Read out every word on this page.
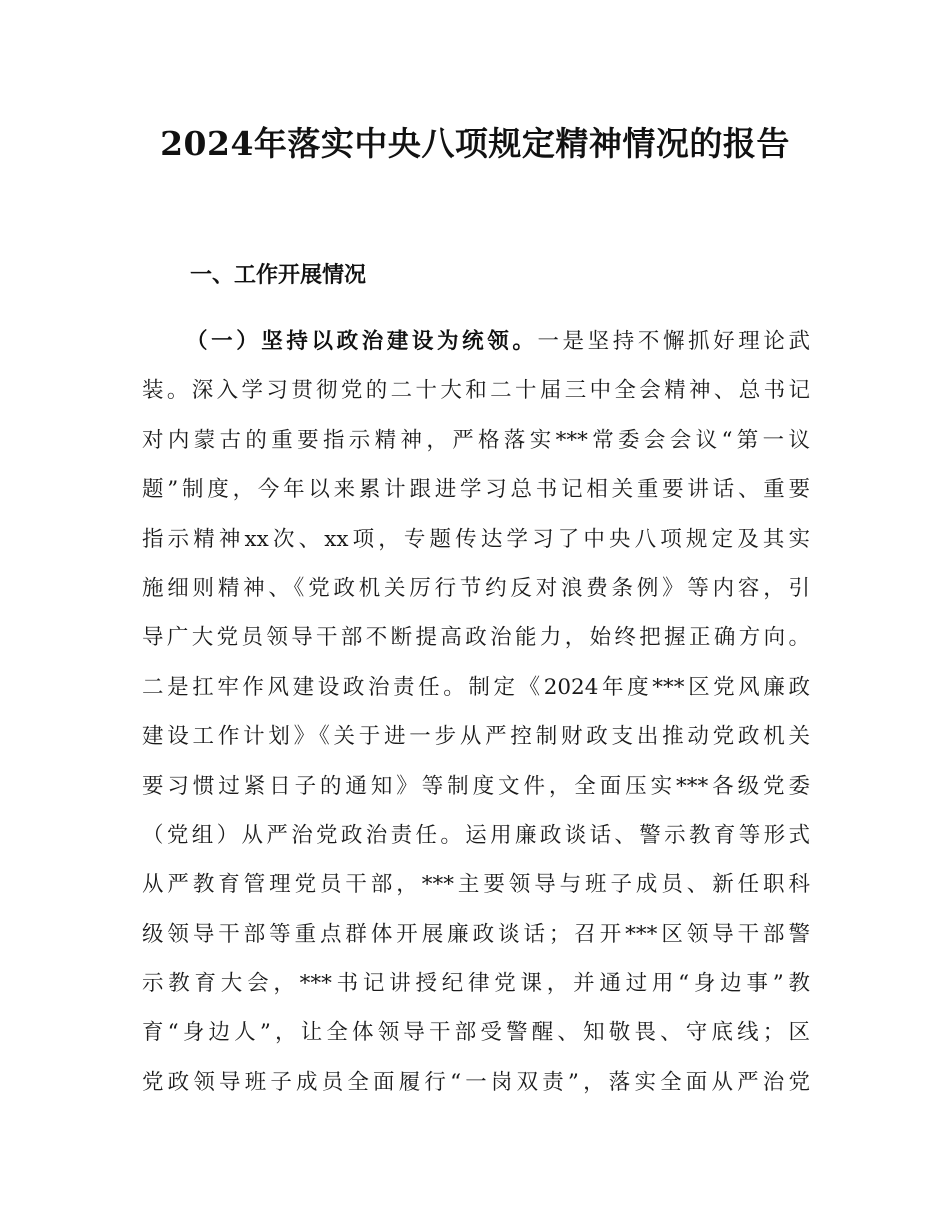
2024年落实中央八项规定精神情况的报告
一、工作开展情况
（一）坚持以政治建设为统领。一是坚持不懈抓好理论武
装。深入学习贯彻党的二十大和二十届三中全会精神、总书记
对内蒙古的重要指示精神，严格落实***常委会会议“第一议
题”制度，今年以来累计跟进学习总书记相关重要讲话、重要
指示精神xx次、xx项，专题传达学习了中央八项规定及其实
施细则精神、《党政机关厉行节约反对浪费条例》等内容，引
导广大党员领导干部不断提高政治能力，始终把握正确方向。
二是扛牢作风建设政治责任。制定《2024年度***区党风廉政
建设工作计划》《关于进一步从严控制财政支出推动党政机关
要习惯过紧日子的通知》等制度文件，全面压实***各级党委
（党组）从严治党政治责任。运用廉政谈话、警示教育等形式
从严教育管理党员干部，***主要领导与班子成员、新任职科
级领导干部等重点群体开展廉政谈话；召开***区领导干部警
示教育大会，***书记讲授纪律党课，并通过用“身边事”教
育“身边人”，让全体领导干部受警醒、知敬畏、守底线；区
党政领导班子成员全面履行“一岗双责”，落实全面从严治党
